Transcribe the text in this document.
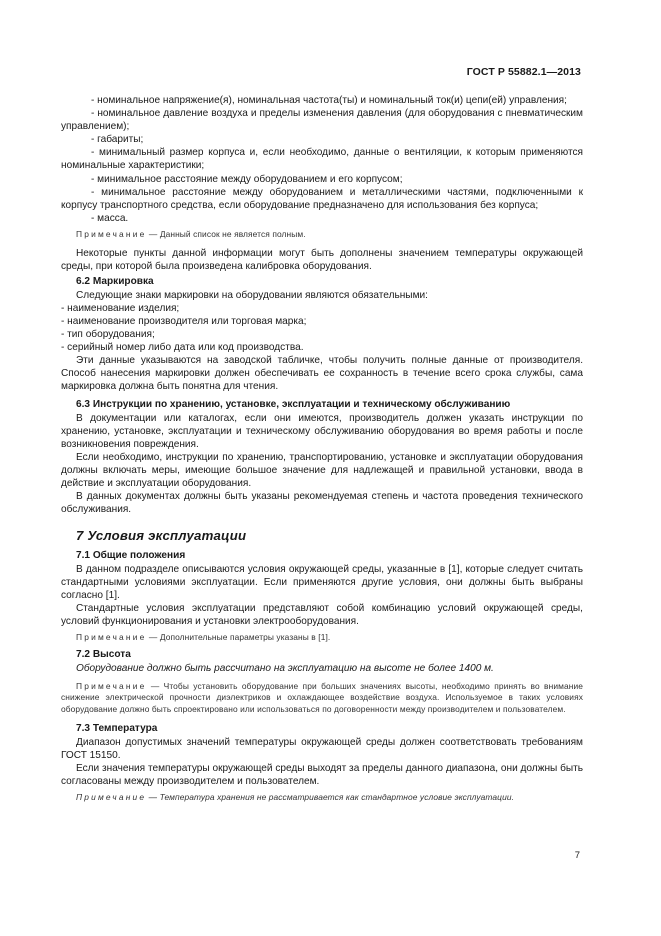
ГОСТ Р 55882.1—2013

- номинальное напряжение(я), номинальная частота(ты) и номинальный ток(и) цепи(ей) управления;

- номинальное давление воздуха и пределы изменения давления (для оборудования с пневматическим управлением);

- габариты;

- минимальный размер корпуса и, если необходимо, данные о вентиляции, к которым применяются номинальные характеристики;

- минимальное расстояние между оборудованием и его корпусом;

- минимальное расстояние между оборудованием и металлическими частями, подключенными к корпусу транспортного средства, если оборудование предназначено для использования без корпуса;

- масса.

Примечание — Данный список не является полным.

Некоторые пункты данной информации могут быть дополнены значением температуры окружающей среды, при которой была произведена калибровка оборудования.

6.2 Маркировка

Следующие знаки маркировки на оборудовании являются обязательными:

- наименование изделия;

- наименование производителя или торговая марка;

- тип оборудования;

- серийный номер либо дата или код производства.

Эти данные указываются на заводской табличке, чтобы получить полные данные от производителя. Способ нанесения маркировки должен обеспечивать ее сохранность в течение всего срока службы, сама маркировка должна быть понятна для чтения.

6.3 Инструкции по хранению, установке, эксплуатации и техническому обслуживанию

В документации или каталогах, если они имеются, производитель должен указать инструкции по хранению, установке, эксплуатации и техническому обслуживанию оборудования во время работы и после возникновения повреждения.

Если необходимо, инструкции по хранению, транспортированию, установке и эксплуатации оборудования должны включать меры, имеющие большое значение для надлежащей и правильной установки, ввода в действие и эксплуатации оборудования.

В данных документах должны быть указаны рекомендуемая степень и частота проведения технического обслуживания.

7 Условия эксплуатации

7.1 Общие положения

В данном подразделе описываются условия окружающей среды, указанные в [1], которые следует считать стандартными условиями эксплуатации. Если применяются другие условия, они должны быть выбраны согласно [1].

Стандартные условия эксплуатации представляют собой комбинацию условий окружающей среды, условий функционирования и установки электрооборудования.

Примечание — Дополнительные параметры указаны в [1].

7.2 Высота

Оборудование должно быть рассчитано на эксплуатацию на высоте не более 1400 м.

Примечание — Чтобы установить оборудование при больших значениях высоты, необходимо принять во внимание снижение электрической прочности диэлектриков и охлаждающее воздействие воздуха. Используемое в таких условиях оборудование должно быть спроектировано или использоваться по договоренности между производителем и пользователем.

7.3 Температура

Диапазон допустимых значений температуры окружающей среды должен соответствовать требованиям ГОСТ 15150.

Если значения температуры окружающей среды выходят за пределы данного диапазона, они должны быть согласованы между производителем и пользователем.

Примечание — Температура хранения не рассматривается как стандартное условие эксплуатации.

7
